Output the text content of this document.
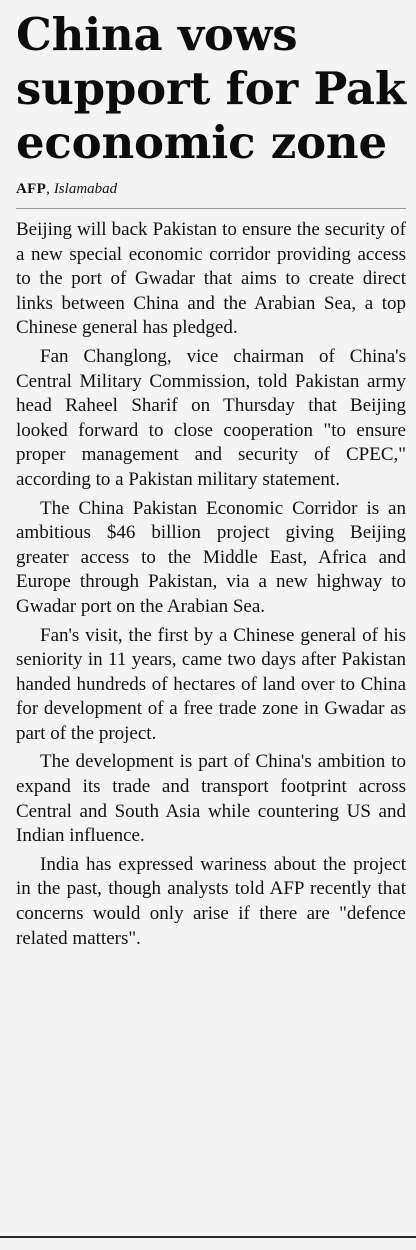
China vows support for Pak economic zone
AFP, Islamabad

Beijing will back Pakistan to ensure the security of a new special economic corridor providing access to the port of Gwadar that aims to create direct links between China and the Arabian Sea, a top Chinese general has pledged.

Fan Changlong, vice chairman of China's Central Military Commission, told Pakistan army head Raheel Sharif on Thursday that Beijing looked forward to close cooperation "to ensure proper management and security of CPEC," according to a Pakistan military statement.

The China Pakistan Economic Corridor is an ambitious $46 billion project giving Beijing greater access to the Middle East, Africa and Europe through Pakistan, via a new highway to Gwadar port on the Arabian Sea.

Fan's visit, the first by a Chinese general of his seniority in 11 years, came two days after Pakistan handed hundreds of hectares of land over to China for development of a free trade zone in Gwadar as part of the project.

The development is part of China's ambition to expand its trade and transport footprint across Central and South Asia while countering US and Indian influence.

India has expressed wariness about the project in the past, though analysts told AFP recently that concerns would only arise if there are "defence related matters".
